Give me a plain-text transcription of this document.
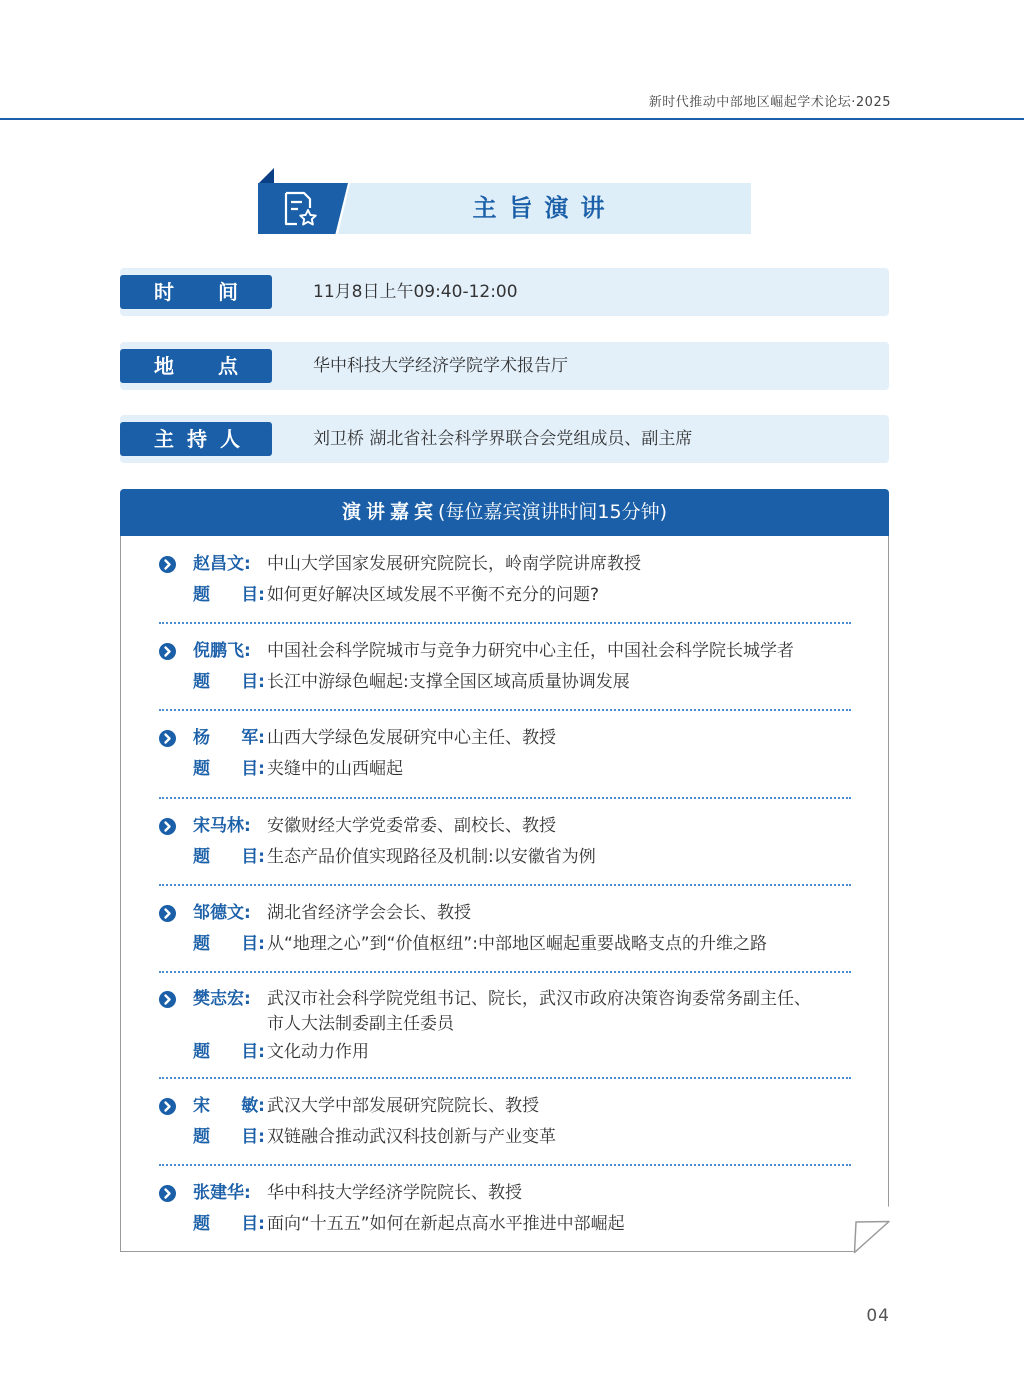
新时代推动中部地区崛起学术论坛·2025
主旨演讲
时 间	11月8日上午09:40-12:00
地 点	华中科技大学经济学院学术报告厅
主 持 人	刘卫桥 湖北省社会科学界联合会党组成员、副主席
演讲嘉宾(每位嘉宾演讲时间15分钟)
赵昌文: 中山大学国家发展研究院院长，岭南学院讲席教授
题 目: 如何更好解决区域发展不平衡不充分的问题?
倪鹏飞: 中国社会科学院城市与竞争力研究中心主任，中国社会科学院长城学者
题 目: 长江中游绿色崛起:支撑全国区域高质量协调发展
杨 军: 山西大学绿色发展研究中心主任、教授
题 目: 夹缝中的山西崛起
宋马林: 安徽财经大学党委常委、副校长、教授
题 目: 生态产品价值实现路径及机制:以安徽省为例
邹德文: 湖北省经济学会会长、教授
题 目: 从“地理之心”到“价值枢纽”:中部地区崛起重要战略支点的升维之路
樊志宏: 武汉市社会科学院党组书记、院长，武汉市政府决策咨询委常务副主任、
市人大法制委副主任委员
题 目: 文化动力作用
宋 敏: 武汉大学中部发展研究院院长、教授
题 目: 双链融合推动武汉科技创新与产业变革
张建华: 华中科技大学经济学院院长、教授
题 目: 面向“十五五”如何在新起点高水平推进中部崛起
04
